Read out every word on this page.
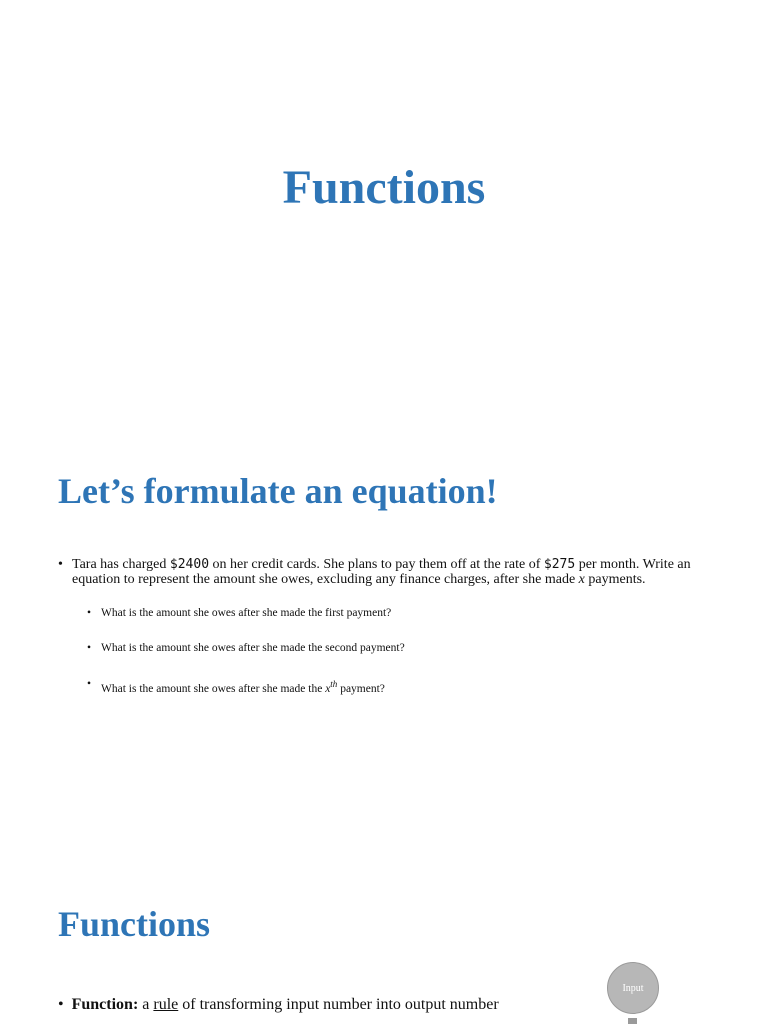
Functions
Let’s formulate an equation!
• Tara has charged $2400 on her credit cards. She plans to pay them off at the rate of $275 per month. Write an equation to represent the amount she owes, excluding any finance charges, after she made x payments.
• What is the amount she owes after she made the first payment?
• What is the amount she owes after she made the second payment?
• What is the amount she owes after she made the $x^{th}$ payment?
Functions
•  Function: a rule of transforming input number into output number
Input
